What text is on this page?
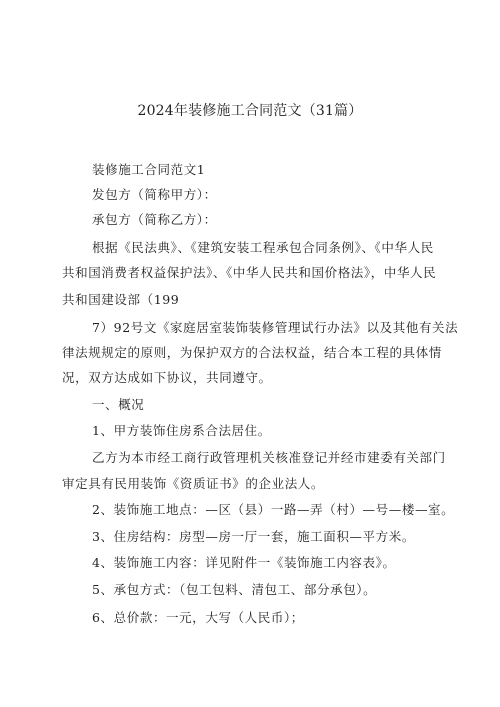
2024年装修施工合同范文（31篇）

装修施工合同范文1

发包方（简称甲方）：

承包方（简称乙方）：

根据《民法典》、《建筑安装工程承包合同条例》、《中华人民

共和国消费者权益保护法》、《中华人民共和国价格法》，中华人民

共和国建设部（199

7）92号文《家庭居室装饰装修管理试行办法》以及其他有关法

律法规规定的原则，为保护双方的合法权益，结合本工程的具体情

况，双方达成如下协议，共同遵守。

一、概况

1、甲方装饰住房系合法居住。

乙方为本市经工商行政管理机关核准登记并经市建委有关部门

审定具有民用装饰《资质证书》的企业法人。

2、装饰施工地点：—区（县）一路—弄（村）—号—楼—室。

3、住房结构：房型—房一厅一套，施工面积—平方米。

4、装饰施工内容：详见附件一《装饰施工内容表》。

5、承包方式：（包工包料、清包工、部分承包）。

6、总价款：一元，大写（人民币）；
